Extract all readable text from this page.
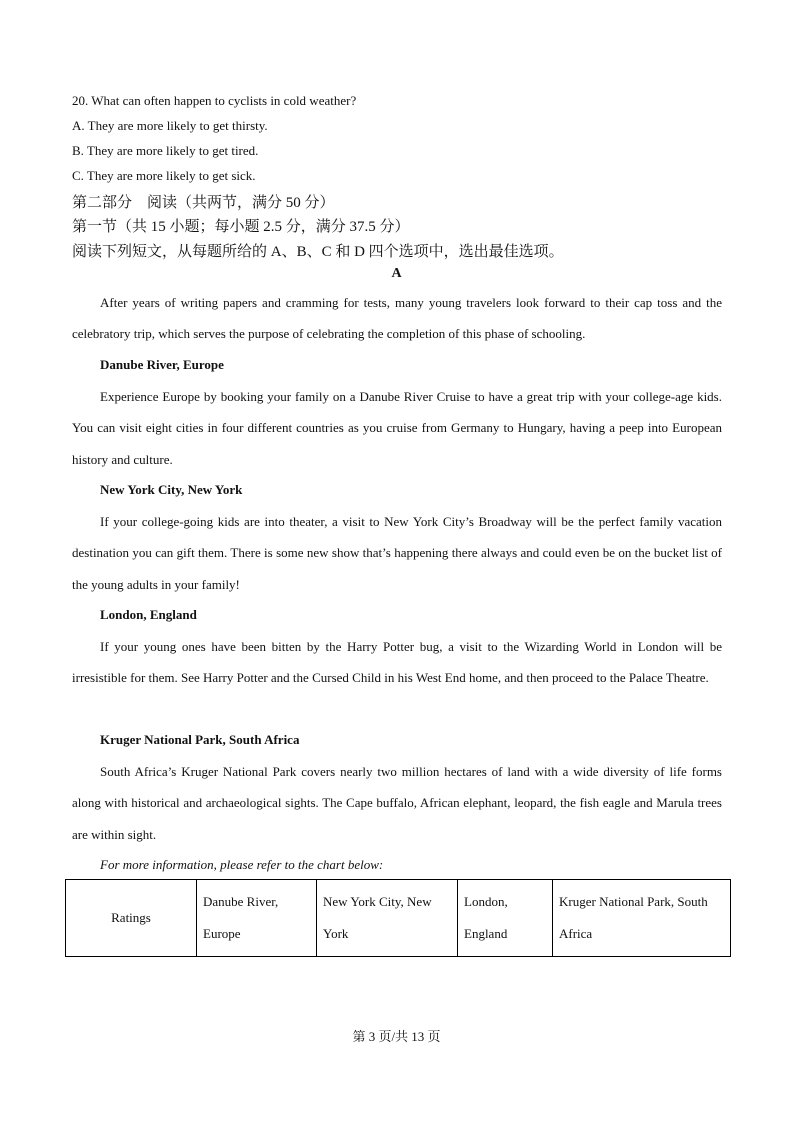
20. What can often happen to cyclists in cold weather?
A. They are more likely to get thirsty.
B. They are more likely to get tired.
C. They are more likely to get sick.
第二部分　阅读（共两节，满分 50 分）
第一节（共 15 小题；每小题 2.5 分，满分 37.5 分）
阅读下列短文，从每题所给的 A、B、C 和 D 四个选项中，选出最佳选项。
A

After years of writing papers and cramming for tests, many young travelers look forward to their cap toss and the celebratory trip, which serves the purpose of celebrating the completion of this phase of schooling.

Danube River, Europe

Experience Europe by booking your family on a Danube River Cruise to have a great trip with your college-age kids. You can visit eight cities in four different countries as you cruise from Germany to Hungary, having a peep into European history and culture.

New York City, New York

If your college-going kids are into theater, a visit to New York City’s Broadway will be the perfect family vacation destination you can gift them. There is some new show that’s happening there always and could even be on the bucket list of the young adults in your family!

London, England

If your young ones have been bitten by the Harry Potter bug, a visit to the Wizarding World in London will be irresistible for them. See Harry Potter and the Cursed Child in his West End home, and then proceed to the Palace Theatre.

Kruger National Park, South Africa

South Africa’s Kruger National Park covers nearly two million hectares of land with a wide diversity of life forms along with historical and archaeological sights. The Cape buffalo, African elephant, leopard, the fish eagle and Marula trees are within sight.

For more information, please refer to the chart below:
Ratings	Danube River, Europe	New York City, New York	London, England	Kruger National Park, South Africa
第 3 页/共 13 页
